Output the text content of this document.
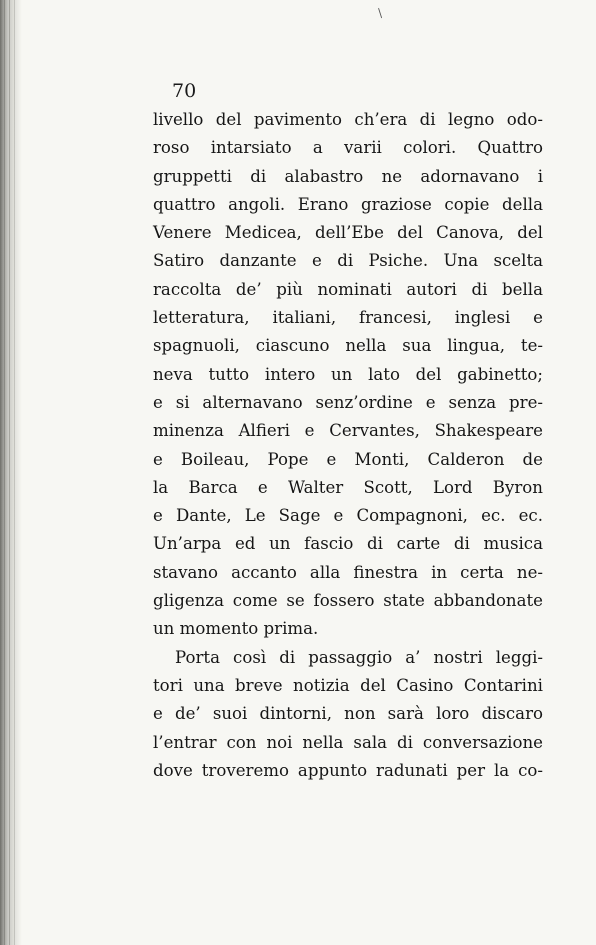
/

70

livello del pavimento ch’era di legno odo-
roso intarsiato a varii colori. Quattro
gruppetti di alabastro ne adornavano i
quattro angoli. Erano graziose copie della
Venere Medicea, dell’Ebe del Canova, del
Satiro danzante e di Psiche. Una scelta
raccolta de’ più nominati autori di bella
letteratura, italiani, francesi, inglesi e
spagnuoli, ciascuno nella sua lingua, te-
neva tutto intero un lato del gabinetto;
e si alternavano senz’ordine e senza pre-
minenza Alfieri e Cervantes, Shakespeare
e Boileau, Pope e Monti, Calderon de
la Barca e Walter Scott, Lord Byron
e Dante, Le Sage e Compagnoni, ec. ec.
Un’arpa ed un fascio di carte di musica
stavano accanto alla finestra in certa ne-
gligenza come se fossero state abbandonate
un momento prima.
Porta così di passaggio a’ nostri leggi-
tori una breve notizia del Casino Contarini
e de’ suoi dintorni, non sarà loro discaro
l’entrar con noi nella sala di conversazione
dove troveremo appunto radunati per la co-
